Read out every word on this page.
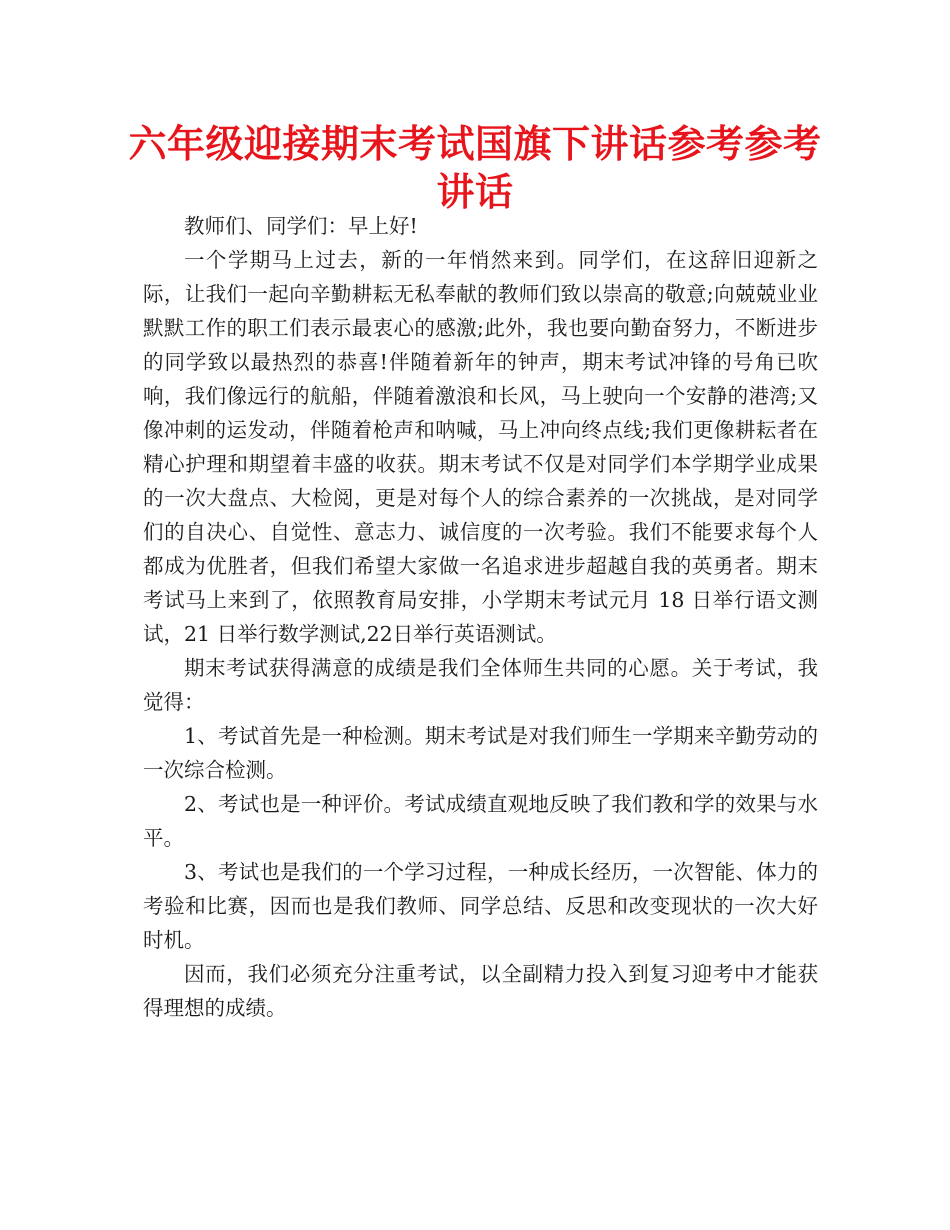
六年级迎接期末考试国旗下讲话参考参考讲话

教师们、同学们：早上好!

一个学期马上过去，新的一年悄然来到。同学们，在这辞旧迎新之际，让我们一起向辛勤耕耘无私奉献的教师们致以崇高的敬意;向兢兢业业默默工作的职工们表示最衷心的感激;此外，我也要向勤奋努力，不断进步的同学致以最热烈的恭喜!伴随着新年的钟声，期末考试冲锋的号角已吹响，我们像远行的航船，伴随着激浪和长风，马上驶向一个安静的港湾;又像冲刺的运发动，伴随着枪声和呐喊，马上冲向终点线;我们更像耕耘者在精心护理和期望着丰盛的收获。期末考试不仅是对同学们本学期学业成果的一次大盘点、大检阅，更是对每个人的综合素养的一次挑战，是对同学们的自决心、自觉性、意志力、诚信度的一次考验。我们不能要求每个人都成为优胜者，但我们希望大家做一名追求进步超越自我的英勇者。期末考试马上来到了，依照教育局安排，小学期末考试元月 18 日举行语文测试，21 日举行数学测试,22日举行英语测试。

期末考试获得满意的成绩是我们全体师生共同的心愿。关于考试，我觉得：

1、考试首先是一种检测。期末考试是对我们师生一学期来辛勤劳动的一次综合检测。

2、考试也是一种评价。考试成绩直观地反映了我们教和学的效果与水平。

3、考试也是我们的一个学习过程，一种成长经历，一次智能、体力的考验和比赛，因而也是我们教师、同学总结、反思和改变现状的一次大好时机。

因而，我们必须充分注重考试，以全副精力投入到复习迎考中才能获得理想的成绩。
